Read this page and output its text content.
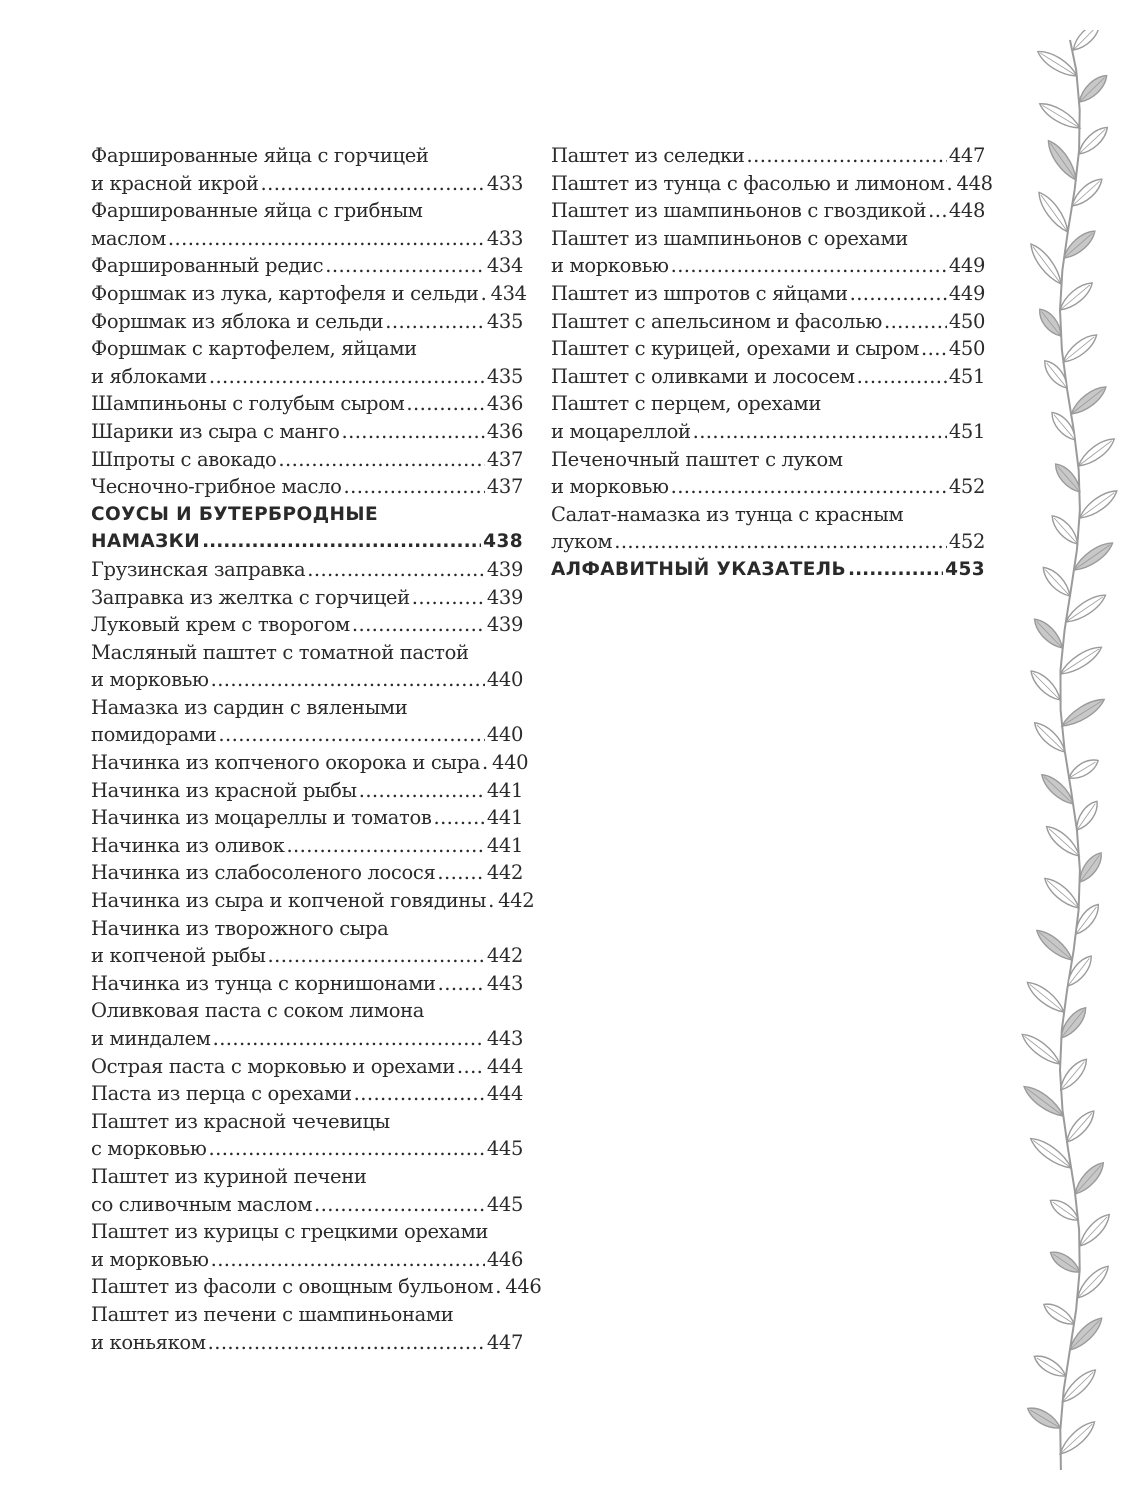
Фаршированные яйца с горчицей
и красной икрой . . .	433
Фаршированные яйца с грибным
маслом . . .	433
Фаршированный редис . . .	434
Форшмак из лука, картофеля и сельди . . . 434
Форшмак из яблока и сельди . . .	435
Форшмак с картофелем, яйцами
и яблоками . . .	435
Шампиньоны с голубым сыром . . .	436
Шарики из сыра с манго . . .	436
Шпроты с авокадо . . .	437
Чесночно-грибное масло . . .	437
СОУСЫ И БУТЕРБРОДНЫЕ
НАМАЗКИ . . .	438
Грузинская заправка . . .	439
Заправка из желтка с горчицей . . .	439
Луковый крем с творогом . . .	439
Масляный паштет с томатной пастой
и морковью . . .	440
Намазка из сардин с вялеными
помидорами . . .	440
Начинка из копченого окорока и сыра . . . 440
Начинка из красной рыбы . . .	441
Начинка из моцареллы и томатов . . .	441
Начинка из оливок . . .	441
Начинка из слабосоленого лосося . . .	442
Начинка из сыра и копченой говядины . . . 442
Начинка из творожного сыра
и копченой рыбы . . .	442
Начинка из тунца с корнишонами . . .	443
Оливковая паста с соком лимона
и миндалем . . .	443
Острая паста с морковью и орехами . . . 444
Паста из перца с орехами . . .	444
Паштет из красной чечевицы
с морковью . . .	445
Паштет из куриной печени
со сливочным маслом . . .	445
Паштет из курицы с грецкими орехами
и морковью . . .	446
Паштет из фасоли с овощным бульоном . . . 446
Паштет из печени с шампиньонами
и коньяком . . .	447
Паштет из селедки . . .	447
Паштет из тунца с фасолью и лимоном . . . 448
Паштет из шампиньонов с гвоздикой . . . 448
Паштет из шампиньонов с орехами
и морковью . . .	449
Паштет из шпротов с яйцами . . .	449
Паштет с апельсином и фасолью . . .	450
Паштет с курицей, орехами и сыром . . . 450
Паштет с оливками и лососем . . .	451
Паштет с перцем, орехами
и моцареллой . . .	451
Печеночный паштет с луком
и морковью . . .	452
Салат-намазка из тунца с красным
луком . . .	452
АЛФАВИТНЫЙ УКАЗАТЕЛЬ . . .	453
